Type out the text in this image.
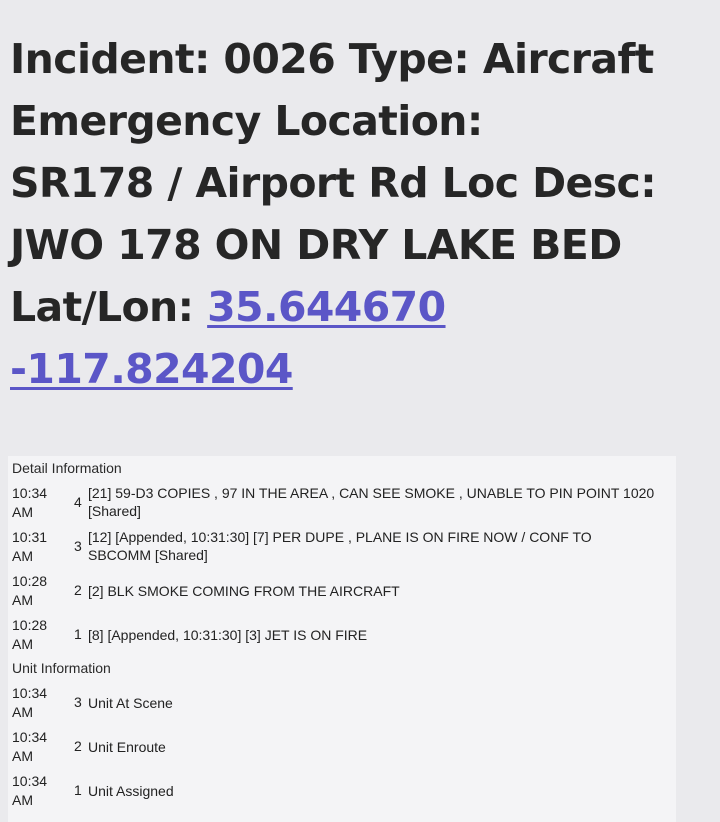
Incident: 0026 Type: Aircraft
Emergency Location:
SR178 / Airport Rd Loc Desc:
JWO 178 ON DRY LAKE BED
Lat/Lon: 35.644670
-117.824204

Detail Information
10:34
AM
4
[21] 59-D3 COPIES , 97 IN THE AREA , CAN SEE SMOKE , UNABLE TO PIN POINT 1020 [Shared]
10:31
AM
3
[12] [Appended, 10:31:30] [7] PER DUPE , PLANE IS ON FIRE NOW / CONF TO SBCOMM [Shared]
10:28
AM
2 [2] BLK SMOKE COMING FROM THE AIRCRAFT
10:28
AM
1 [8] [Appended, 10:31:30] [3] JET IS ON FIRE
Unit Information
10:34
AM
3 Unit At Scene
10:34
AM
2 Unit Enroute
10:34
AM
1 Unit Assigned
